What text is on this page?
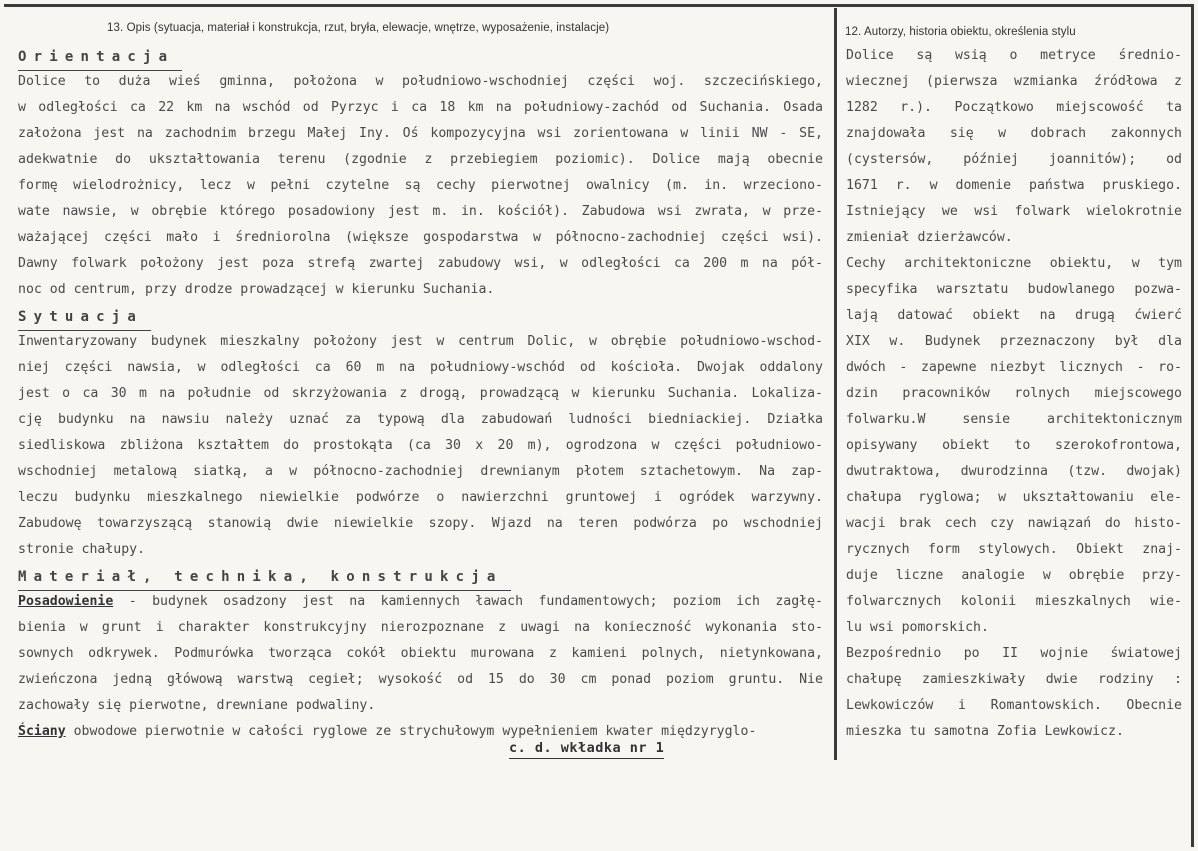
13. Opis (sytuacja, materiał i konstrukcja, rzut, bryła, elewacje, wnętrze, wyposażenie, instalacje)	12. Autorzy, historia obiektu, określenia stylu
Orientacja
Dolice to duża wieś gminna, położona w południowo-wschodniej części woj. szczecińskiego,
w odległości ca 22 km na wschód od Pyrzyc i ca 18 km na południowy-zachód od Suchania. Osada
założona jest na zachodnim brzegu Małej Iny. Oś kompozycyjna wsi zorientowana w linii NW - SE,
adekwatnie do ukształtowania terenu (zgodnie z przebiegiem poziomic). Dolice mają obecnie
formę wielodrożnicy, lecz w pełni czytelne są cechy pierwotnej owalnicy (m. in. wrzeciono-
wate nawsie, w obrębie którego posadowiony jest m. in. kościół). Zabudowa wsi zwrata, w prze-
ważającej części mało i średniorolna (większe gospodarstwa w północno-zachodniej części wsi).
Dawny folwark położony jest poza strefą zwartej zabudowy wsi, w odległości ca 200 m na pół-
noc od centrum, przy drodze prowadzącej w kierunku Suchania.
Sytuacja
Inwentaryzowany budynek mieszkalny położony jest w centrum Dolic, w obrębie południowo-wschod-
niej części nawsia, w odległości ca 60 m na południowy-wschód od kościoła. Dwojak oddalony
jest o ca 30 m na południe od skrzyżowania z drogą, prowadzącą w kierunku Suchania. Lokaliza-
cję budynku na nawsiu należy uznać za typową dla zabudowań ludności biedniackiej. Działka
siedliskowa zbliżona kształtem do prostokąta (ca 30 x 20 m), ogrodzona w części południowo-
wschodniej metalową siatką, a w północno-zachodniej drewnianym płotem sztachetowym. Na zap-
leczu budynku mieszkalnego niewielkie podwórze o nawierzchni gruntowej i ogródek warzywny.
Zabudowę towarzyszącą stanowią dwie niewielkie szopy. Wjazd na teren podwórza po wschodniej
stronie chałupy.
Materiał, technika, konstrukcja
Posadowienie - budynek osadzony jest na kamiennych ławach fundamentowych; poziom ich zagłę-
bienia w grunt i charakter konstrukcyjny nierozpoznane z uwagi na konieczność wykonania sto-
sownych odkrywek. Podmurówka tworząca cokół obiektu murowana z kamieni polnych, nietynkowana,
zwieńczona jedną główową warstwą cegieł; wysokość od 15 do 30 cm ponad poziom gruntu. Nie
zachowały się pierwotne, drewniane podwaliny.
Ściany obwodowe pierwotnie w całości ryglowe ze strychułowym wypełnieniem kwater międzyryglo-
c. d. wkładka nr 1
Dolice są wsią o metryce średnio-
wiecznej (pierwsza wzmianka źródłowa z
1282 r.). Początkowo miejscowość ta
znajdowała się w dobrach zakonnych
(cystersów, później joannitów); od
1671 r. w domenie państwa pruskiego.
Istniejący we wsi folwark wielokrotnie
zmieniał dzierżawców.
Cechy architektoniczne obiektu, w tym
specyfika warsztatu budowlanego pozwa-
lają datować obiekt na drugą ćwierć
XIX w. Budynek przeznaczony był dla
dwóch - zapewne niezbyt licznych - ro-
dzin pracowników rolnych miejscowego
folwarku.W sensie architektonicznym
opisywany obiekt to szerokofrontowa,
dwutraktowa, dwurodzinna (tzw. dwojak)
chałupa ryglowa; w ukształtowaniu ele-
wacji brak cech czy nawiązań do histo-
rycznych form stylowych. Obiekt znaj-
duje liczne analogie w obrębie przy-
folwarcznych kolonii mieszkalnych wie-
lu wsi pomorskich.
Bezpośrednio po II wojnie światowej
chałupę zamieszkiwały dwie rodziny :
Lewkowiczów i Romantowskich. Obecnie
mieszka tu samotna Zofia Lewkowicz.
